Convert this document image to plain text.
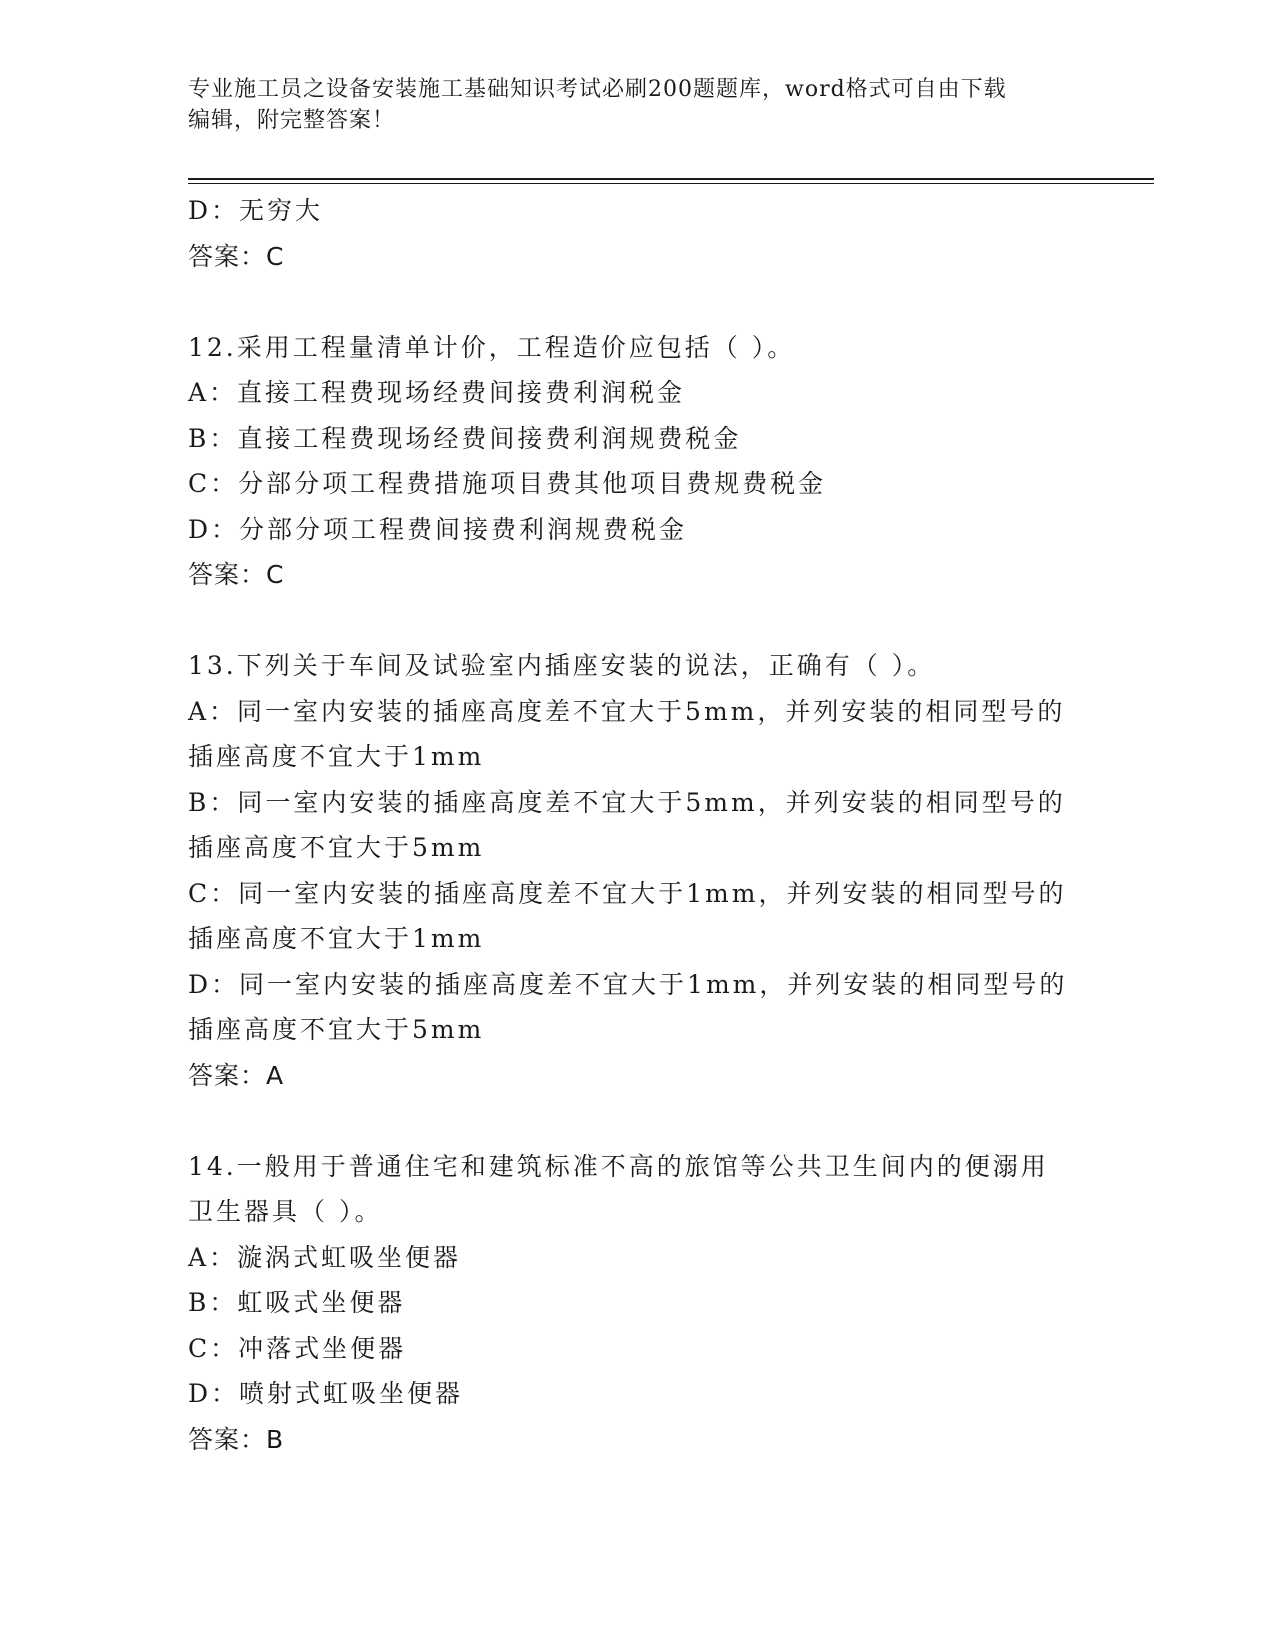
专业施工员之设备安装施工基础知识考试必刷200题题库，word格式可自由下载
编辑，附完整答案！
D：无穷大
答案：C
12.采用工程量清单计价，工程造价应包括（ ）。
A：直接工程费现场经费间接费利润税金
B：直接工程费现场经费间接费利润规费税金
C：分部分项工程费措施项目费其他项目费规费税金
D：分部分项工程费间接费利润规费税金
答案：C
13.下列关于车间及试验室内插座安装的说法，正确有（ ）。
A：同一室内安装的插座高度差不宜大于5mm，并列安装的相同型号的
插座高度不宜大于1mm
B：同一室内安装的插座高度差不宜大于5mm，并列安装的相同型号的
插座高度不宜大于5mm
C：同一室内安装的插座高度差不宜大于1mm，并列安装的相同型号的
插座高度不宜大于1mm
D：同一室内安装的插座高度差不宜大于1mm，并列安装的相同型号的
插座高度不宜大于5mm
答案：A
14.一般用于普通住宅和建筑标准不高的旅馆等公共卫生间内的便溺用
卫生器具（ ）。
A：漩涡式虹吸坐便器
B：虹吸式坐便器
C：冲落式坐便器
D：喷射式虹吸坐便器
答案：B
